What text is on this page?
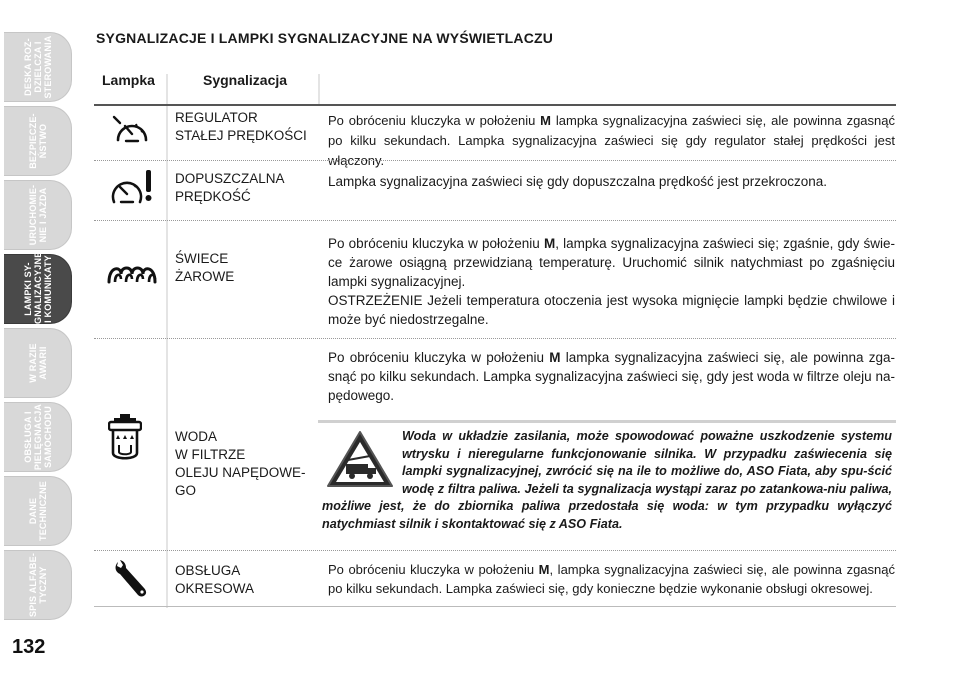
DESKA ROZ-
DZIELCZA I
STEROWANIA
BEZPIECZE-
ŃSTWO
URUCHOMIE-
NIE I JAZDA
LAMPKI SY-
GNALIZACYJNE
I KOMUNIKATY
W RAZIE
AWARII
OBSŁUGA I
PIELĘGNACJA
SAMOCHODU
DANE
TECHNICZNE
SPIS ALFABE-
TYCZNY
132
SYGNALIZACJE I LAMPKI SYGNALIZACYJNE NA WYŚWIETLACZU
Lampka	Sygnalizacja
REGULATOR
STAŁEJ PRĘDKOŚCI
Po obróceniu kluczyka w położeniu M lampka sygnalizacyjna zaświeci się, ale powinna zgasnąć po kilku sekundach. Lampka sygnalizacyjna zaświeci się gdy regulator stałej prędkości jest włączony.
DOPUSZCZALNA
PRĘDKOŚĆ
Lampka sygnalizacyjna zaświeci się gdy dopuszczalna prędkość jest przekroczona.
ŚWIECE
ŻAROWE
Po obróceniu kluczyka w położeniu M, lampka sygnalizacyjna zaświeci się; zgaśnie, gdy świe-ce żarowe osiągną przewidzianą temperaturę. Uruchomić silnik natychmiast po zgaśnięciu lampki sygnalizacyjnej.
OSTRZEŻENIE Jeżeli temperatura otoczenia jest wysoka mignięcie lampki będzie chwilowe i może być niedostrzegalne.
WODA
W FILTRZE
OLEJU NAPĘDOWE-
GO
Po obróceniu kluczyka w położeniu M lampka sygnalizacyjna zaświeci się, ale powinna zga-snąć po kilku sekundach. Lampka sygnalizacyjna zaświeci się, gdy jest woda w filtrze oleju na-pędowego.
Woda w układzie zasilania, może spowodować poważne uszkodzenie systemu wtrysku i nieregularne funkcjonowanie silnika. W przypadku zaświecenia się lampki sygnalizacyjnej, zwrócić się na ile to możliwe do, ASO Fiata, aby spu-ścić wodę z filtra paliwa. Jeżeli ta sygnalizacja wystąpi zaraz po zatankowa-niu paliwa, możliwe jest, że do zbiornika paliwa przedostała się woda: w tym przypadku wyłączyć natychmiast silnik i skontaktować się z ASO Fiata.
OBSŁUGA
OKRESOWA
Po obróceniu kluczyka w położeniu M, lampka sygnalizacyjna zaświeci się, ale powinna zgasnąć po kilku sekundach. Lampka zaświeci się, gdy konieczne będzie wykonanie obsługi okresowej.
